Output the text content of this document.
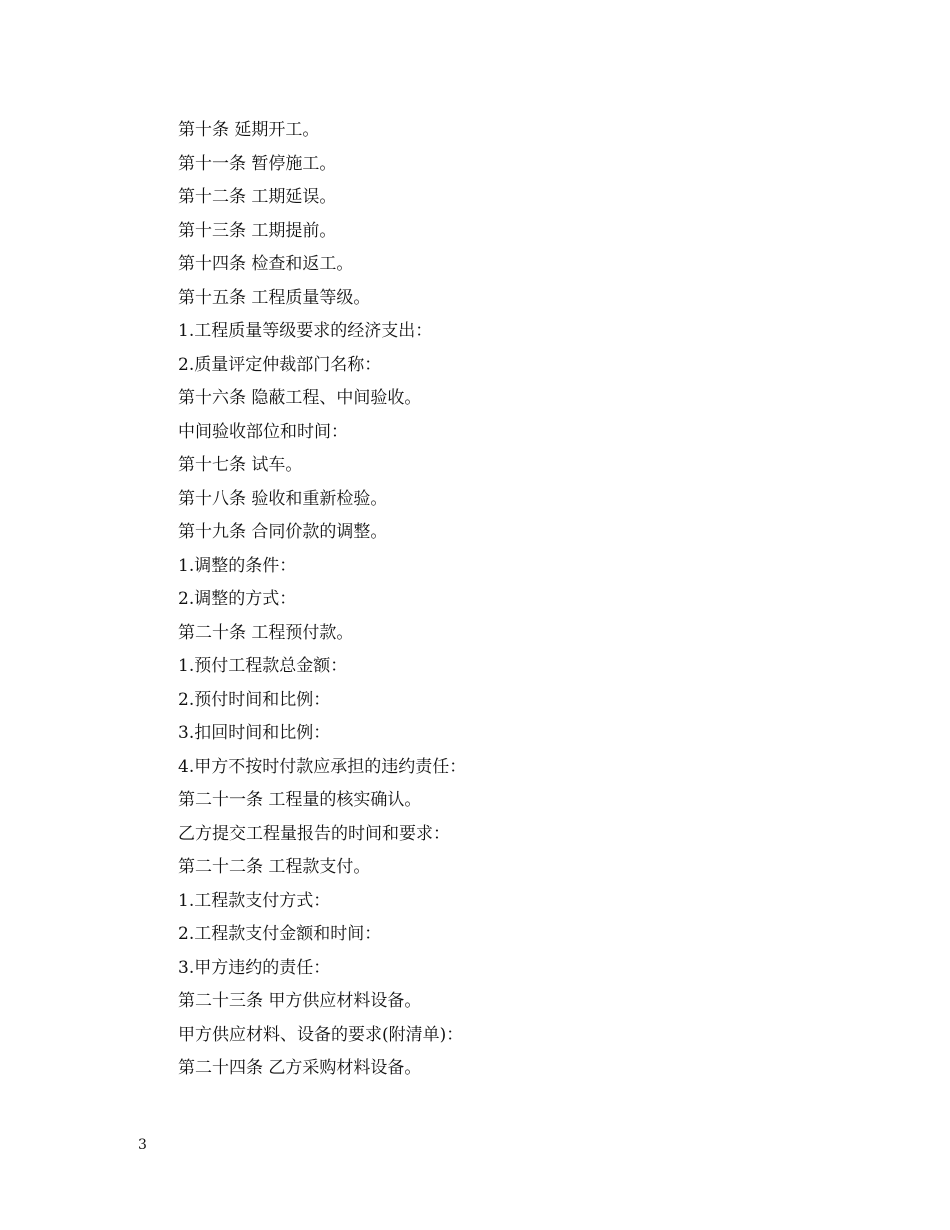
第十条 延期开工。
第十一条 暂停施工。
第十二条 工期延误。
第十三条 工期提前。
第十四条 检查和返工。
第十五条 工程质量等级。
1.工程质量等级要求的经济支出：
2.质量评定仲裁部门名称：
第十六条 隐蔽工程、中间验收。
中间验收部位和时间：
第十七条 试车。
第十八条 验收和重新检验。
第十九条 合同价款的调整。
1.调整的条件：
2.调整的方式：
第二十条 工程预付款。
1.预付工程款总金额：
2.预付时间和比例：
3.扣回时间和比例：
4.甲方不按时付款应承担的违约责任：
第二十一条 工程量的核实确认。
乙方提交工程量报告的时间和要求：
第二十二条 工程款支付。
1.工程款支付方式：
2.工程款支付金额和时间：
3.甲方违约的责任：
第二十三条 甲方供应材料设备。
甲方供应材料、设备的要求(附清单)：
第二十四条 乙方采购材料设备。
3
